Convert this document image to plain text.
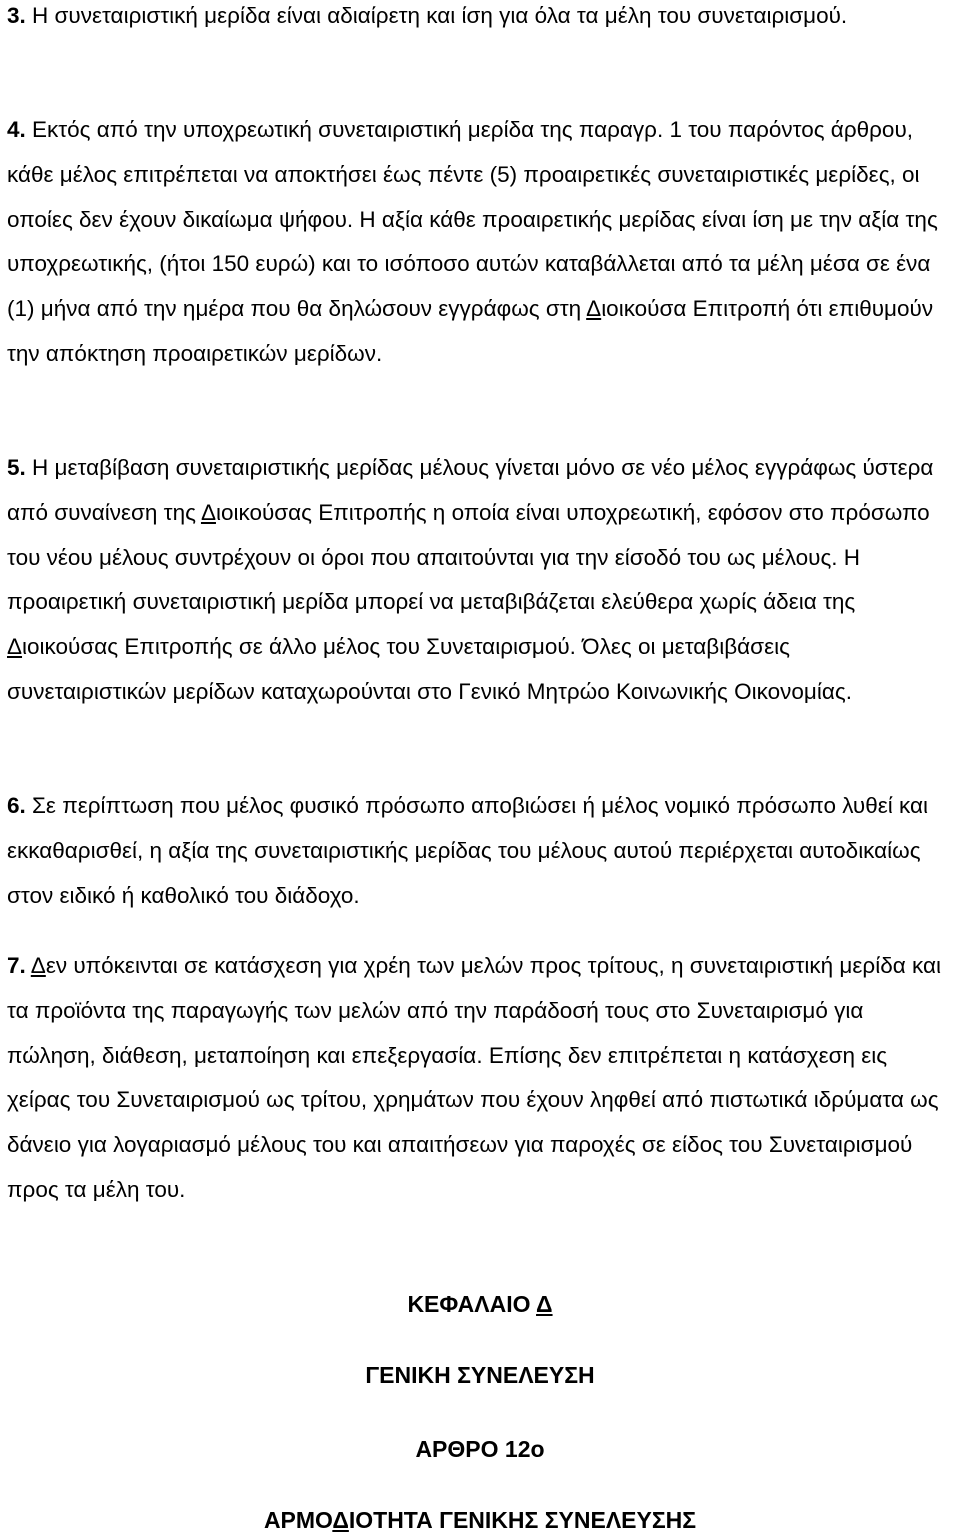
3. Η συνεταιριστική μερίδα είναι αδιαίρετη και ίση για όλα τα μέλη του συνεταιρισμού.

4. Εκτός από την υποχρεωτική συνεταιριστική μερίδα της παραγρ. 1 του παρόντος άρθρου, κάθε μέλος επιτρέπεται να αποκτήσει έως πέντε (5) προαιρετικές συνεταιριστικές μερίδες, οι οποίες δεν έχουν δικαίωμα ψήφου. Η αξία κάθε προαιρετικής μερίδας είναι ίση με την αξία της υποχρεωτικής, (ήτοι 150 ευρώ) και το ισόποσο αυτών καταβάλλεται από τα μέλη μέσα σε ένα (1) μήνα από την ημέρα που θα δηλώσουν εγγράφως στη Διοικούσα Επιτροπή ότι επιθυμούν την απόκτηση προαιρετικών μερίδων.

5. Η μεταβίβαση συνεταιριστικής μερίδας μέλους γίνεται μόνο σε νέο μέλος εγγράφως ύστερα από συναίνεση της Διοικούσας Επιτροπής η οποία είναι υποχρεωτική, εφόσον στο πρόσωπο του νέου μέλους συντρέχουν οι όροι που απαιτούνται για την είσοδό του ως μέλους. Η προαιρετική συνεταιριστική μερίδα μπορεί να μεταβιβάζεται ελεύθερα χωρίς άδεια της Διοικούσας Επιτροπής σε άλλο μέλος του Συνεταιρισμού. Όλες οι μεταβιβάσεις συνεταιριστικών μερίδων καταχωρούνται στο Γενικό Μητρώο Κοινωνικής Οικονομίας.

6. Σε περίπτωση που μέλος φυσικό πρόσωπο αποβιώσει ή μέλος νομικό πρόσωπο λυθεί και εκκαθαρισθεί, η αξία της συνεταιριστικής μερίδας του μέλους αυτού περιέρχεται αυτοδικαίως στον ειδικό ή καθολικό του διάδοχο.

7. Δεν υπόκεινται σε κατάσχεση για χρέη των μελών προς τρίτους, η συνεταιριστική μερίδα και τα προϊόντα της παραγωγής των μελών από την παράδοσή τους στο Συνεταιρισμό για πώληση, διάθεση, μεταποίηση και επεξεργασία. Επίσης δεν επιτρέπεται η κατάσχεση εις χείρας του Συνεταιρισμού ως τρίτου, χρημάτων που έχουν ληφθεί από πιστωτικά ιδρύματα ως δάνειο για λογαριασμό μέλους του και απαιτήσεων για παροχές σε είδος του Συνεταιρισμού προς τα μέλη του.

ΚΕΦΑΛΑΙΟ Δ

ΓΕΝΙΚΗ ΣΥΝΕΛΕΥΣΗ

ΑΡΘΡΟ 12ο

ΑΡΜΟΔΙΟΤΗΤΑ ΓΕΝΙΚΗΣ ΣΥΝΕΛΕΥΣΗΣ
